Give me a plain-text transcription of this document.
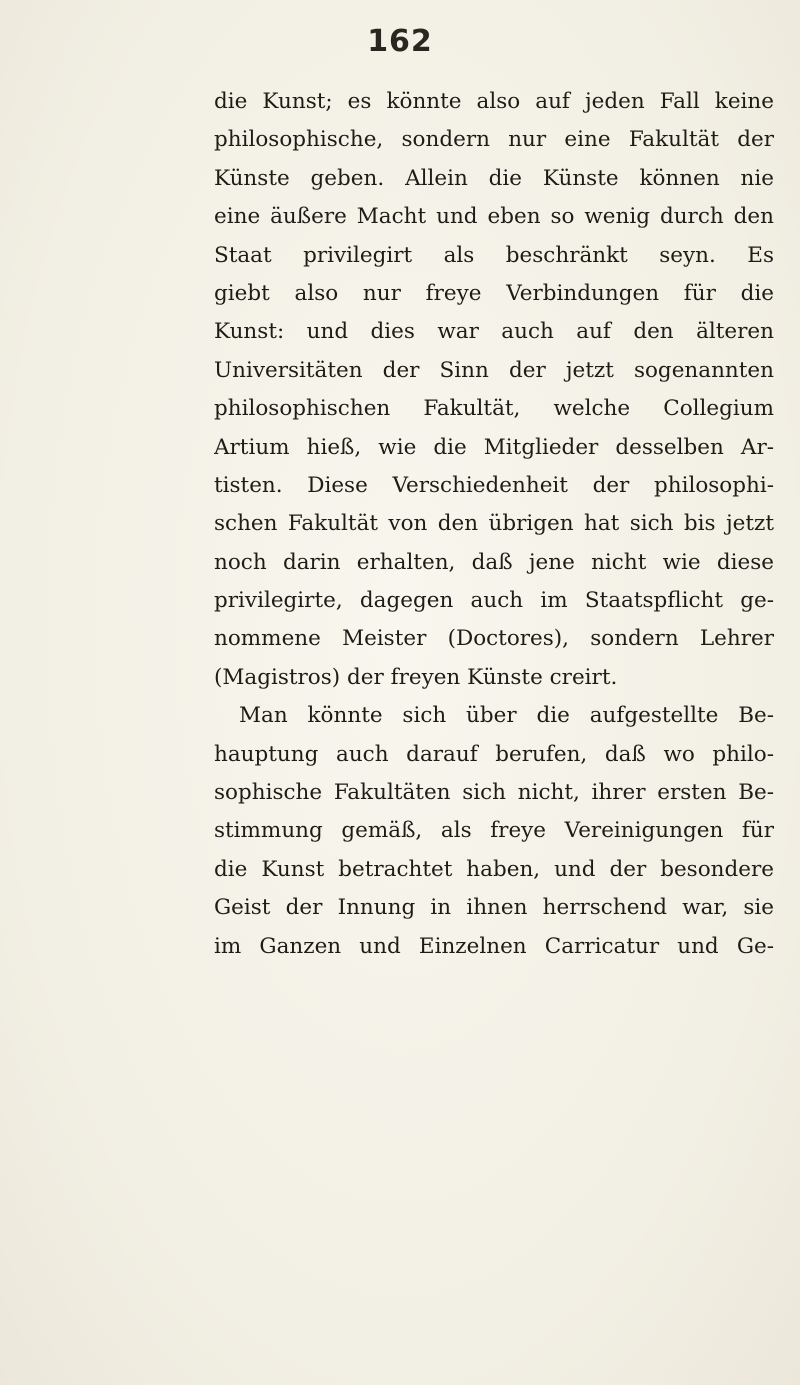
162
die Kunst; es könnte also auf jeden Fall keine
philosophische, sondern nur eine Fakultät der
Künste geben. Allein die Künste können nie
eine äußere Macht und eben so wenig durch den
Staat privilegirt als beschränkt seyn. Es
giebt also nur freye Verbindungen für die
Kunst: und dies war auch auf den älteren
Universitäten der Sinn der jetzt sogenannten
philosophischen Fakultät, welche Collegium
Artium hieß, wie die Mitglieder desselben Ar-
tisten. Diese Verschiedenheit der philosophi-
schen Fakultät von den übrigen hat sich bis jetzt
noch darin erhalten, daß jene nicht wie diese
privilegirte, dagegen auch im Staatspflicht ge-
nommene Meister (Doctores), sondern Lehrer
(Magistros) der freyen Künste creirt.
Man könnte sich über die aufgestellte Be-
hauptung auch darauf berufen, daß wo philo-
sophische Fakultäten sich nicht, ihrer ersten Be-
stimmung gemäß, als freye Vereinigungen für
die Kunst betrachtet haben, und der besondere
Geist der Innung in ihnen herrschend war, sie
im Ganzen und Einzelnen Carricatur und Ge-
